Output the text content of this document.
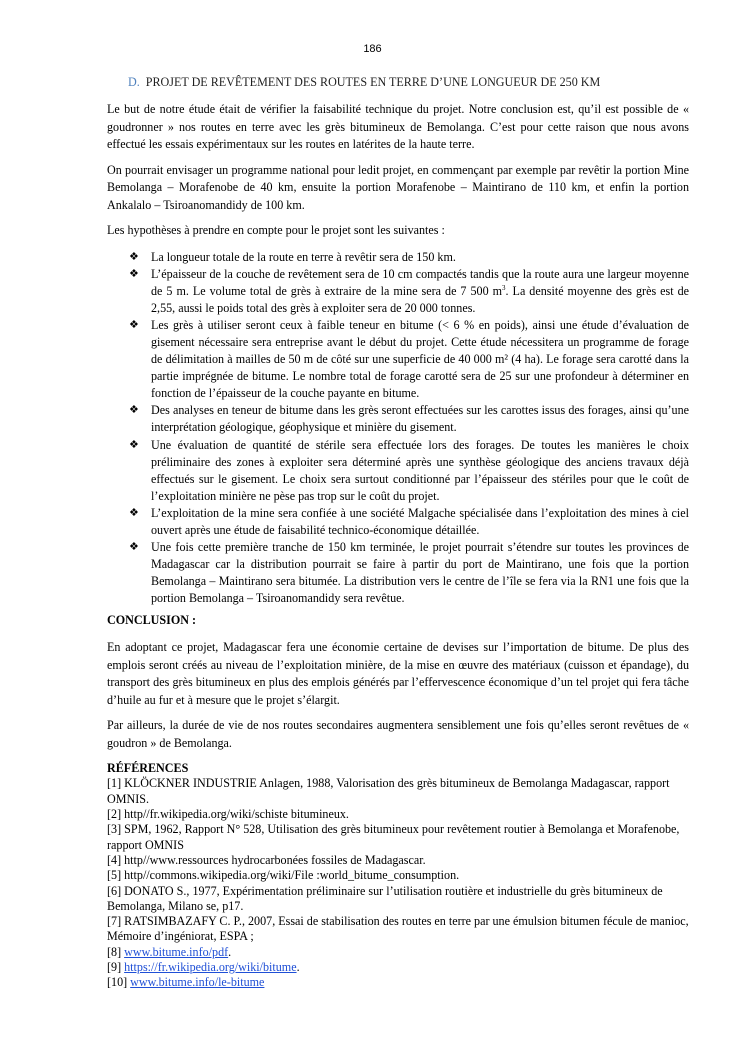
186
D. PROJET DE REVÊTEMENT DES ROUTES EN TERRE D’UNE LONGUEUR DE 250 KM

Le but de notre étude était de vérifier la faisabilité technique du projet. Notre conclusion est, qu’il est possible de « goudronner » nos routes en terre avec les grès bitumineux de Bemolanga. C’est pour cette raison que nous avons effectué les essais expérimentaux sur les routes en latérites de la haute terre.

On pourrait envisager un programme national pour ledit projet, en commençant par exemple par revêtir la portion Mine Bemolanga – Morafenobe de 40 km, ensuite la portion Morafenobe – Maintirano de 110 km, et enfin la portion Ankalalo – Tsiroanomandidy de 100 km.

Les hypothèses à prendre en compte pour le projet sont les suivantes :

❖ La longueur totale de la route en terre à revêtir sera de 150 km.
❖ L’épaisseur de la couche de revêtement sera de 10 cm compactés tandis que la route aura une largeur moyenne de 5 m. Le volume total de grès à extraire de la mine sera de 7 500 $m^3$. La densité moyenne des grès est de 2,55, aussi le poids total des grès à exploiter sera de 20 000 tonnes.
❖ Les grès à utiliser seront ceux à faible teneur en bitume (< 6 % en poids), ainsi une étude d’évaluation de gisement nécessaire sera entreprise avant le début du projet. Cette étude nécessitera un programme de forage de délimitation à mailles de 50 m de côté sur une superficie de 40 000 m² (4 ha). Le forage sera carotté dans la partie imprégnée de bitume. Le nombre total de forage carotté sera de 25 sur une profondeur à déterminer en fonction de l’épaisseur de la couche payante en bitume.
❖ Des analyses en teneur de bitume dans les grès seront effectuées sur les carottes issus des forages, ainsi qu’une interprétation géologique, géophysique et minière du gisement.
❖ Une évaluation de quantité de stérile sera effectuée lors des forages. De toutes les manières le choix préliminaire des zones à exploiter sera déterminé après une synthèse géologique des anciens travaux déjà effectués sur le gisement. Le choix sera surtout conditionné par l’épaisseur des stériles pour que le coût de l’exploitation minière ne pèse pas trop sur le coût du projet.
❖ L’exploitation de la mine sera confiée à une société Malgache spécialisée dans l’exploitation des mines à ciel ouvert après une étude de faisabilité technico-économique détaillée.
❖ Une fois cette première tranche de 150 km terminée, le projet pourrait s’étendre sur toutes les provinces de Madagascar car la distribution pourrait se faire à partir du port de Maintirano, une fois que la portion Bemolanga – Maintirano sera bitumée. La distribution vers le centre de l’île se fera via la RN1 une fois que la portion Bemolanga – Tsiroanomandidy sera revêtue.
CONCLUSION :

En adoptant ce projet, Madagascar fera une économie certaine de devises sur l’importation de bitume. De plus des emplois seront créés au niveau de l’exploitation minière, de la mise en œuvre des matériaux (cuisson et épandage), du transport des grès bitumineux en plus des emplois générés par l’effervescence économique d’un tel projet qui fera tâche d’huile au fur et à mesure que le projet s’élargit.

Par ailleurs, la durée de vie de nos routes secondaires augmentera sensiblement une fois qu’elles seront revêtues de « goudron » de Bemolanga.

RÉFÉRENCES

[1] KLÖCKNER INDUSTRIE Anlagen, 1988, Valorisation des grès bitumineux de Bemolanga Madagascar, rapport OMNIS.

[2] http//fr.wikipedia.org/wiki/schiste bitumineux.

[3] SPM, 1962, Rapport N° 528, Utilisation des grès bitumineux pour revêtement routier à Bemolanga et Morafenobe, rapport OMNIS

[4] http//www.ressources hydrocarbonées fossiles de Madagascar.

[5] http//commons.wikipedia.org/wiki/File :world_bitume_consumption.

[6] DONATO S., 1977, Expérimentation préliminaire sur l’utilisation routière et industrielle du grès bitumineux de Bemolanga, Milano se, p17.

[7] RATSIMBAZAFY C. P., 2007, Essai de stabilisation des routes en terre par une émulsion bitumen fécule de manioc, Mémoire d’ingéniorat, ESPA ;

[8] www.bitume.info/pdf.

[9] https://fr.wikipedia.org/wiki/bitume.

[10] www.bitume.info/le-bitume
